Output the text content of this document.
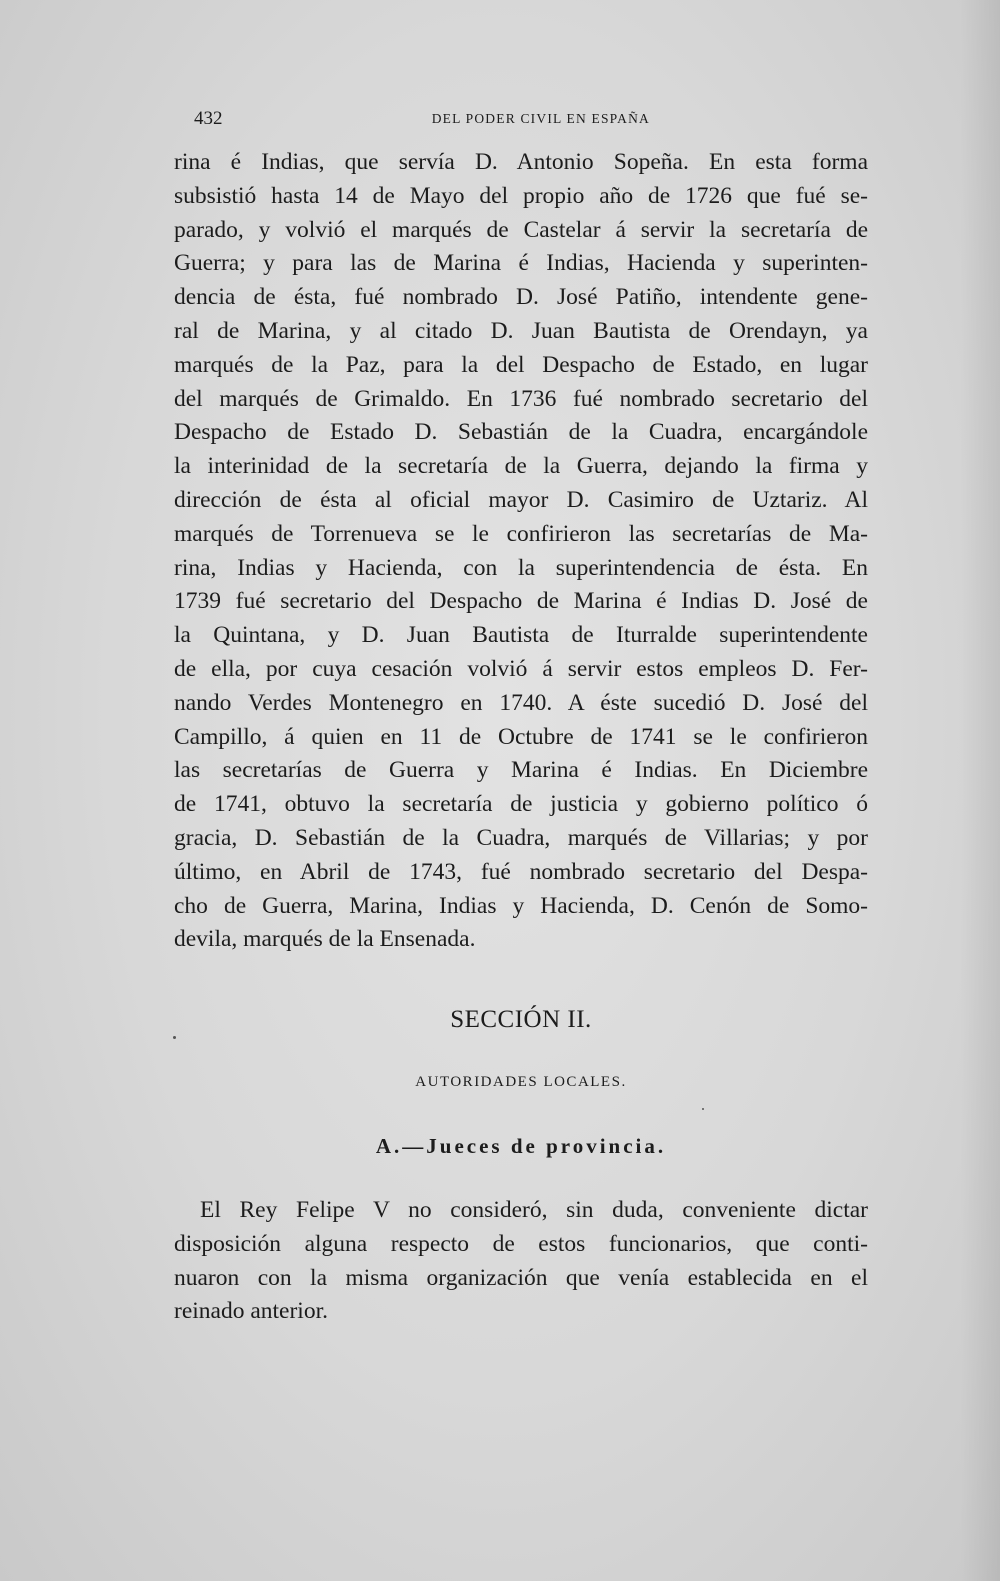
432	DEL PODER CIVIL EN ESPAÑA
rina é Indias, que servía D. Antonio Sopeña. En esta forma
subsistió hasta 14 de Mayo del propio año de 1726 que fué se-
parado, y volvió el marqués de Castelar á servir la secretaría de
Guerra; y para las de Marina é Indias, Hacienda y superinten-
dencia de ésta, fué nombrado D. José Patiño, intendente gene-
ral de Marina, y al citado D. Juan Bautista de Orendayn, ya
marqués de la Paz, para la del Despacho de Estado, en lugar
del marqués de Grimaldo. En 1736 fué nombrado secretario del
Despacho de Estado D. Sebastián de la Cuadra, encargándole
la interinidad de la secretaría de la Guerra, dejando la firma y
dirección de ésta al oficial mayor D. Casimiro de Uztariz. Al
marqués de Torrenueva se le confirieron las secretarías de Ma-
rina, Indias y Hacienda, con la superintendencia de ésta. En
1739 fué secretario del Despacho de Marina é Indias D. José de
la Quintana, y D. Juan Bautista de Iturralde superintendente
de ella, por cuya cesación volvió á servir estos empleos D. Fer-
nando Verdes Montenegro en 1740. A éste sucedió D. José del
Campillo, á quien en 11 de Octubre de 1741 se le confirieron
las secretarías de Guerra y Marina é Indias. En Diciembre
de 1741, obtuvo la secretaría de justicia y gobierno político ó
gracia, D. Sebastián de la Cuadra, marqués de Villarias; y por
último, en Abril de 1743, fué nombrado secretario del Despa-
cho de Guerra, Marina, Indias y Hacienda, D. Cenón de Somo-
devila, marqués de la Ensenada.
SECCIÓN II.
AUTORIDADES LOCALES.
A.—Jueces de provincia.
El Rey Felipe V no consideró, sin duda, conveniente dictar
disposición alguna respecto de estos funcionarios, que conti-
nuaron con la misma organización que venía establecida en el
reinado anterior.
